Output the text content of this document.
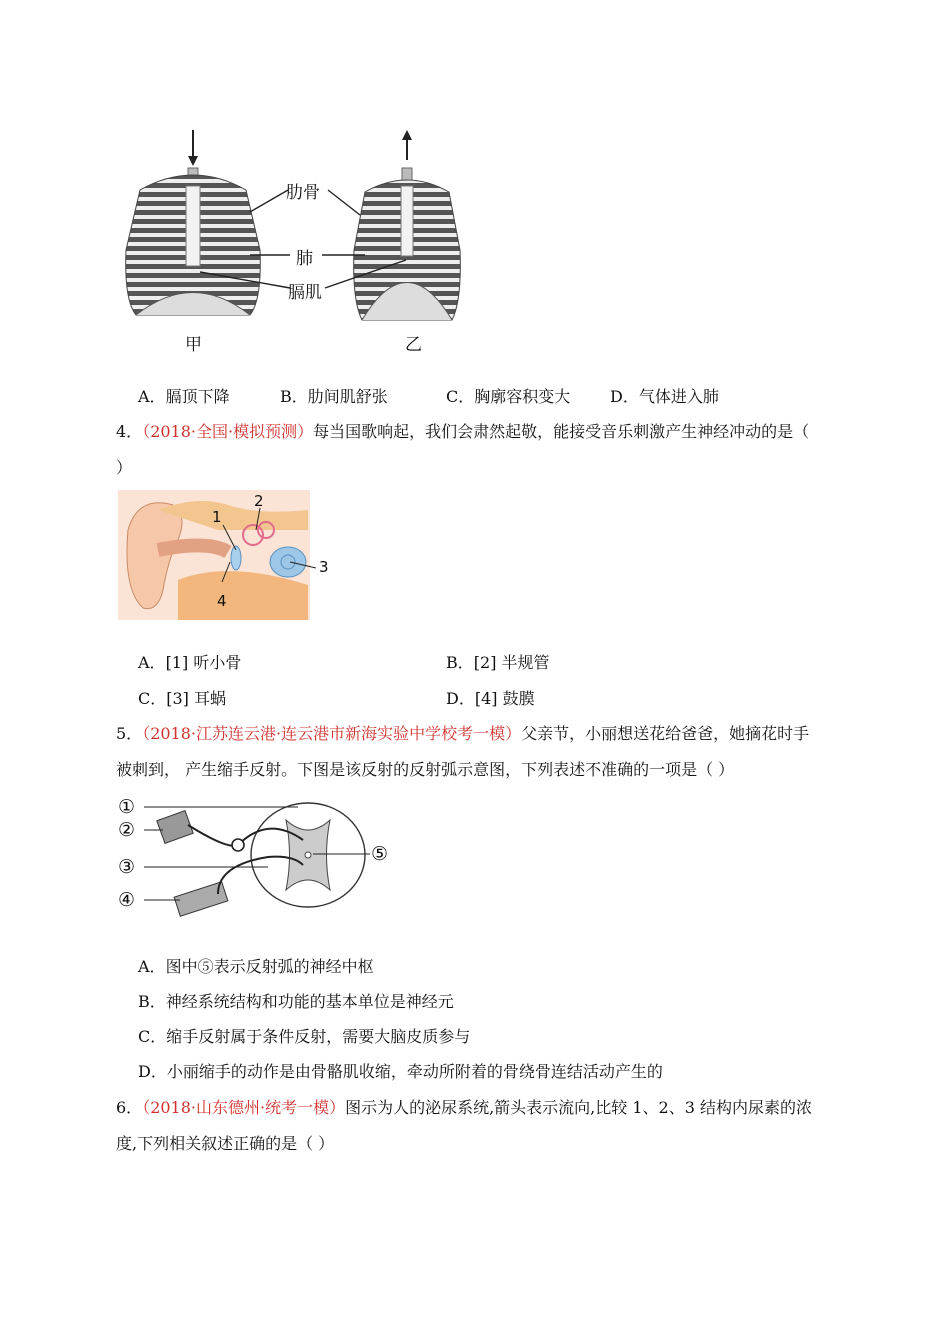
肋骨
肺
膈肌
甲	乙
A．膈顶下降	B．肋间肌舒张	C．胸廓容积变大 D．气体进入肺
4．（2018·全国·模拟预测）每当国歌响起，我们会肃然起敬，能接受音乐刺激产生神经冲动的是（
）
1
2
3
4
A．[1] 听小骨	B．[2] 半规管
C．[3] 耳蜗	D．[4] 鼓膜
5．（2018·江苏连云港·连云港市新海实验中学校考一模）父亲节，小丽想送花给爸爸，她摘花时手
被刺到， 产生缩手反射。下图是该反射的反射弧示意图，下列表述不准确的一项是（ ）
①
②
③
④
⑤
A．图中⑤表示反射弧的神经中枢
B．神经系统结构和功能的基本单位是神经元
C．缩手反射属于条件反射，需要大脑皮质参与
D．小丽缩手的动作是由骨骼肌收缩，牵动所附着的骨绕骨连结活动产生的
6．（2018·山东德州·统考一模）图示为人的泌尿系统,箭头表示流向,比较 1、2、3 结构内尿素的浓
度,下列相关叙述正确的是（ ）
